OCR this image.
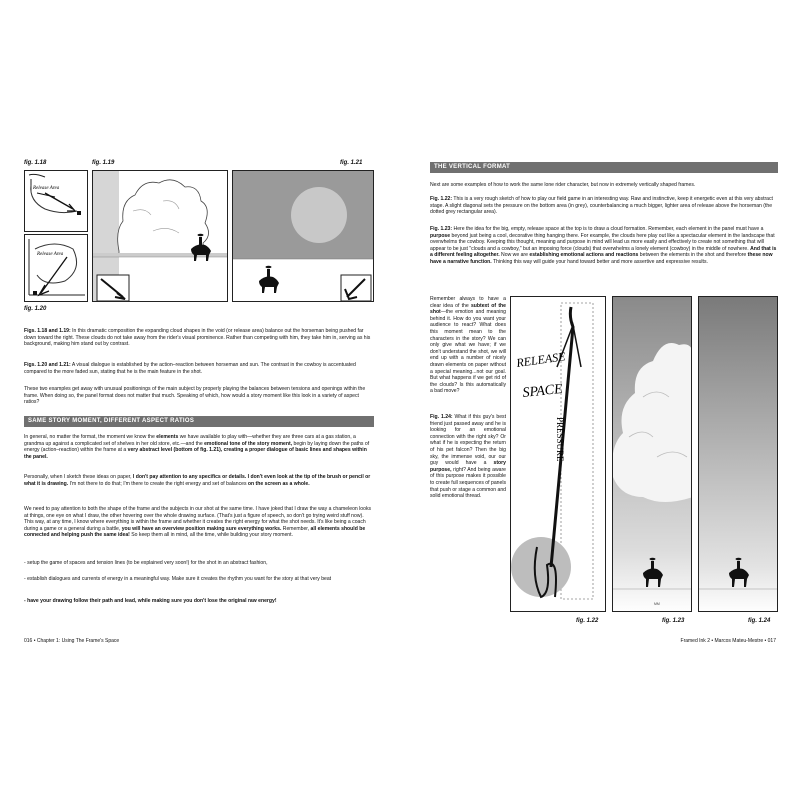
fig. 1.18	fig. 1.19	fig. 1.21
Release Area
Release Area
fig. 1.20

Figs. 1.18 and 1.19: In this dramatic composition the expanding cloud shapes in the void (or release area) balance out the horseman being pushed far down toward the right. These clouds do not take away from the rider's visual prominence. Rather than competing with him, they take him in, serving as his background, making him stand out by contrast.

Figs. 1.20 and 1.21: A visual dialogue is established by the action–reaction between horseman and sun. The contrast in the cowboy is accentuated compared to the more faded sun, stating that he is the main feature in the shot.

These two examples get away with unusual positionings of the main subject by properly playing the balances between tensions and openings within the frame. When doing so, the panel format does not matter that much. Speaking of which, how would a story moment like this look in a variety of aspect ratios?

SAME STORY MOMENT, DIFFERENT ASPECT RATIOS

In general, no matter the format, the moment we know the elements we have available to play with—whether they are three cars at a gas station, a grandma up against a complicated set of shelves in her old store, etc.—and the emotional tone of the story moment, begin by laying down the paths of energy (action–reaction) within the frame at a very abstract level (bottom of fig. 1.21), creating a proper dialogue of basic lines and shapes within the panel.

Personally, when I sketch these ideas on paper, I don't pay attention to any specifics or details. I don't even look at the tip of the brush or pencil or what it is drawing. I'm not there to do that; I'm there to create the right energy and set of balances on the screen as a whole.

We need to pay attention to both the shape of the frame and the subjects in our shot at the same time. I have joked that I draw the way a chameleon looks at things, one eye on what I draw, the other hovering over the whole drawing surface. (That's just a figure of speech, so don't go trying weird stuff now). This way, at any time, I know where everything is within the frame and whether it creates the right energy for what the shot needs. It's like being a coach during a game or a general during a battle, you will have an overview position making sure everything works. Remember, all elements should be connected and helping push the same idea! So keep them all in mind, all the time, while building your story moment.

- setup the game of spaces and tension lines (to be explained very soon!) for the shot in an abstract fashion,

- establish dialogues and currents of energy in a meaningful way. Make sure it creates the rhythm you want for the story at that very beat

- have your drawing follow their path and lead, while making sure you don't lose the original raw energy!

016 • Chapter 1: Using The Frame's Space
THE VERTICAL FORMAT

Next are some examples of how to work the same lone rider character, but now in extremely vertically shaped frames.

Fig. 1.22: This is a very rough sketch of how to play our field game in an interesting way. Raw and instinctive, keep it energetic even at this very abstract stage. A slight diagonal sets the pressure on the bottom area (in grey), counterbalancing a much bigger, lighter area of release above the horseman (the dotted grey rectangular area).

Fig. 1.23: Here the idea for the big, empty, release space at the top is to draw a cloud formation. Remember, each element in the panel must have a purpose beyond just being a cool, decorative thing hanging there. For example, the clouds here play out like a spectacular element in the landscape that overwhelms the cowboy. Keeping this thought, meaning and purpose in mind will lead us more easily and effectively to create not something that will appear to be just "clouds and a cowboy," but an imposing force (clouds) that overwhelms a lonely element (cowboy) in the middle of nowhere. And that is a different feeling altogether. Now we are establishing emotional actions and reactions between the elements in the shot and therefore these now have a narrative function. Thinking this way will guide your hand toward better and more assertive and expressive results.

Remember always to have a clear idea of the subtext of the shot—the emotion and meaning behind it. How do you want your audience to react? What does this moment mean to the characters in the story? We can only give what we have; if we don't understand the shot, we will end up with a number of nicely drawn elements on paper without a special meaning...not our goal. But what happens if we get rid of the clouds? Is this automatically a bad move?

Fig. 1.24: What if this guy's best friend just passed away and he is looking for an emotional connection with the right sky? Or what if he is expecting the return of his pet falcon? Then the big sky, the immense void, our our guy would have a story purpose, right? And being aware of this purpose makes it possible to create full sequences of panels that push or stage a common and solid emotional thread.

RELEASE
SPACE
PRESSURE
MM
fig. 1.22	fig. 1.23	fig. 1.24
Framed Ink 2 • Marcos Mateu-Mestre • 017
